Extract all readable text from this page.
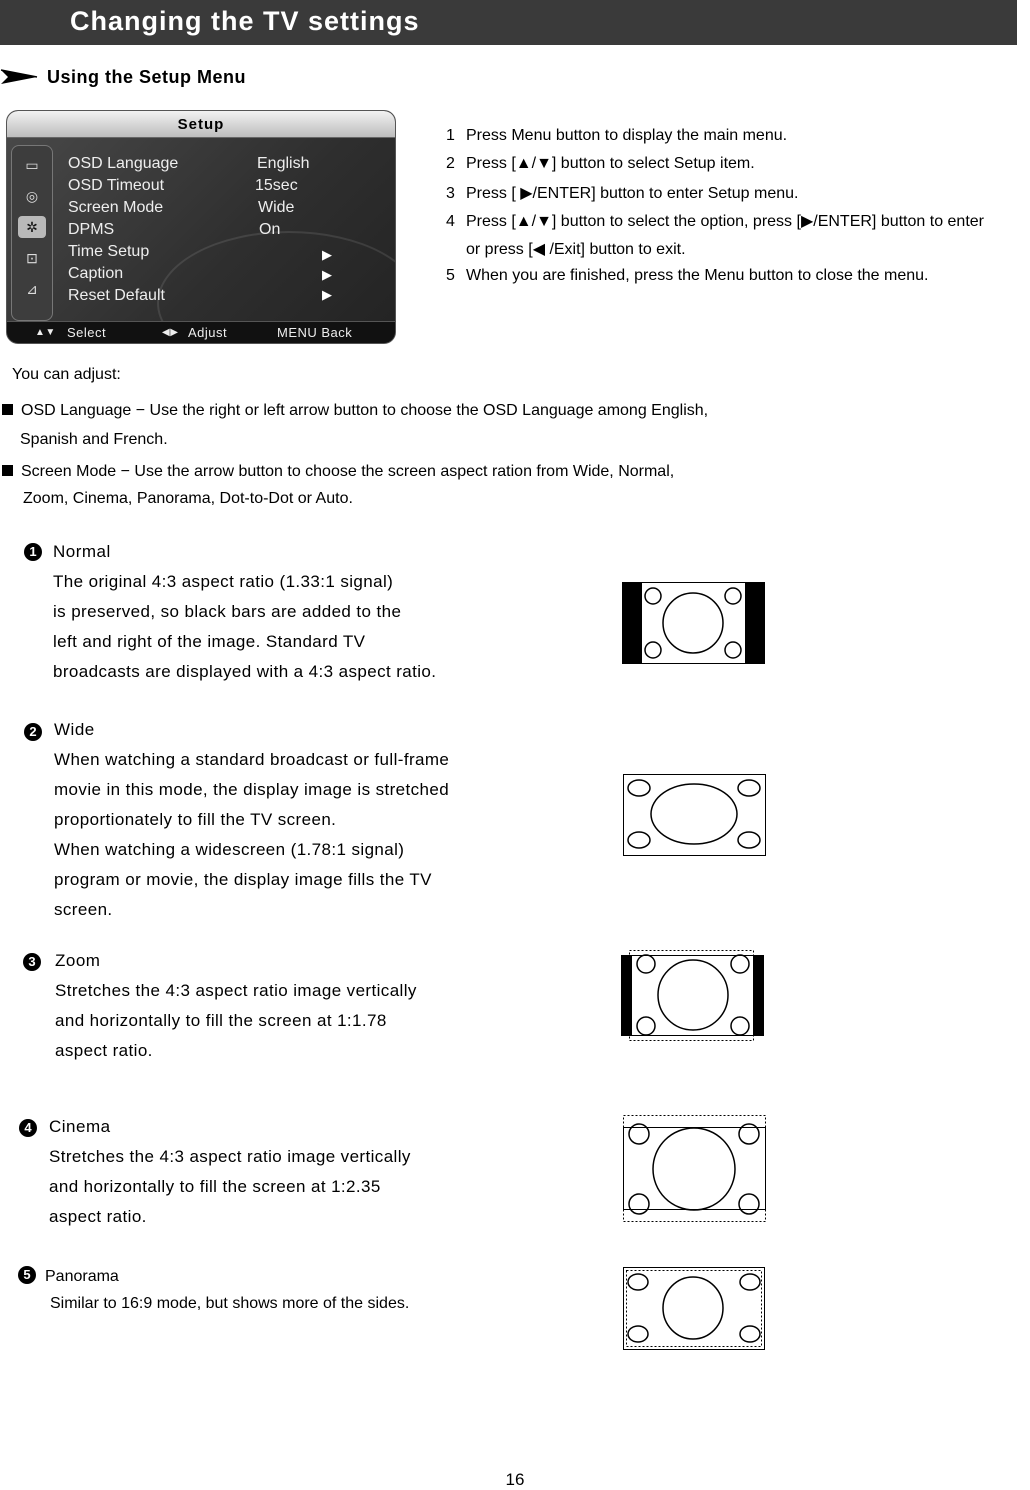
Changing the TV settings
Using the Setup Menu
Setup
▭
◎
✲
⊡
⊿
OSD Language	English
OSD Timeout	15sec
Screen Mode	Wide
DPMS	On
Time Setup	▶
Caption	▶
Reset Default	▶
▲▼ Select	◀▶ Adjust	MENU Back
1 Press Menu button to display the main menu.
2 Press [▲/▼] button to select Setup item.
3 Press [ ▶/ENTER] button to enter Setup menu.
4 Press [▲/▼] button to select the option, press [▶/ENTER] button to enter
or press [◀ /Exit] button to exit.
5 When you are finished, press the Menu button to close the menu.
You can adjust:
OSD Language − Use the right or left arrow button to choose the OSD Language among English,
Spanish and French.
Screen Mode − Use the arrow button to choose the screen aspect ration from Wide, Normal,
Zoom, Cinema, Panorama, Dot-to-Dot or Auto.
1 Normal
The original 4:3 aspect ratio (1.33:1 signal)
is preserved, so black bars are added to the
left and right of the image. Standard TV
broadcasts are displayed with a 4:3 aspect ratio.
2	Wide
When watching a standard broadcast or full-frame
movie in this mode, the display image is stretched
proportionately to fill the TV screen.
When watching a widescreen (1.78:1 signal)
program or movie, the display image fills the TV
screen.
3	Zoom
Stretches the 4:3 aspect ratio image vertically
and horizontally to fill the screen at 1:1.78
aspect ratio.
4	Cinema
Stretches the 4:3 aspect ratio image vertically
and horizontally to fill the screen at 1:2.35
aspect ratio.
5 Panorama
Similar to 16:9 mode, but shows more of the sides.
16
